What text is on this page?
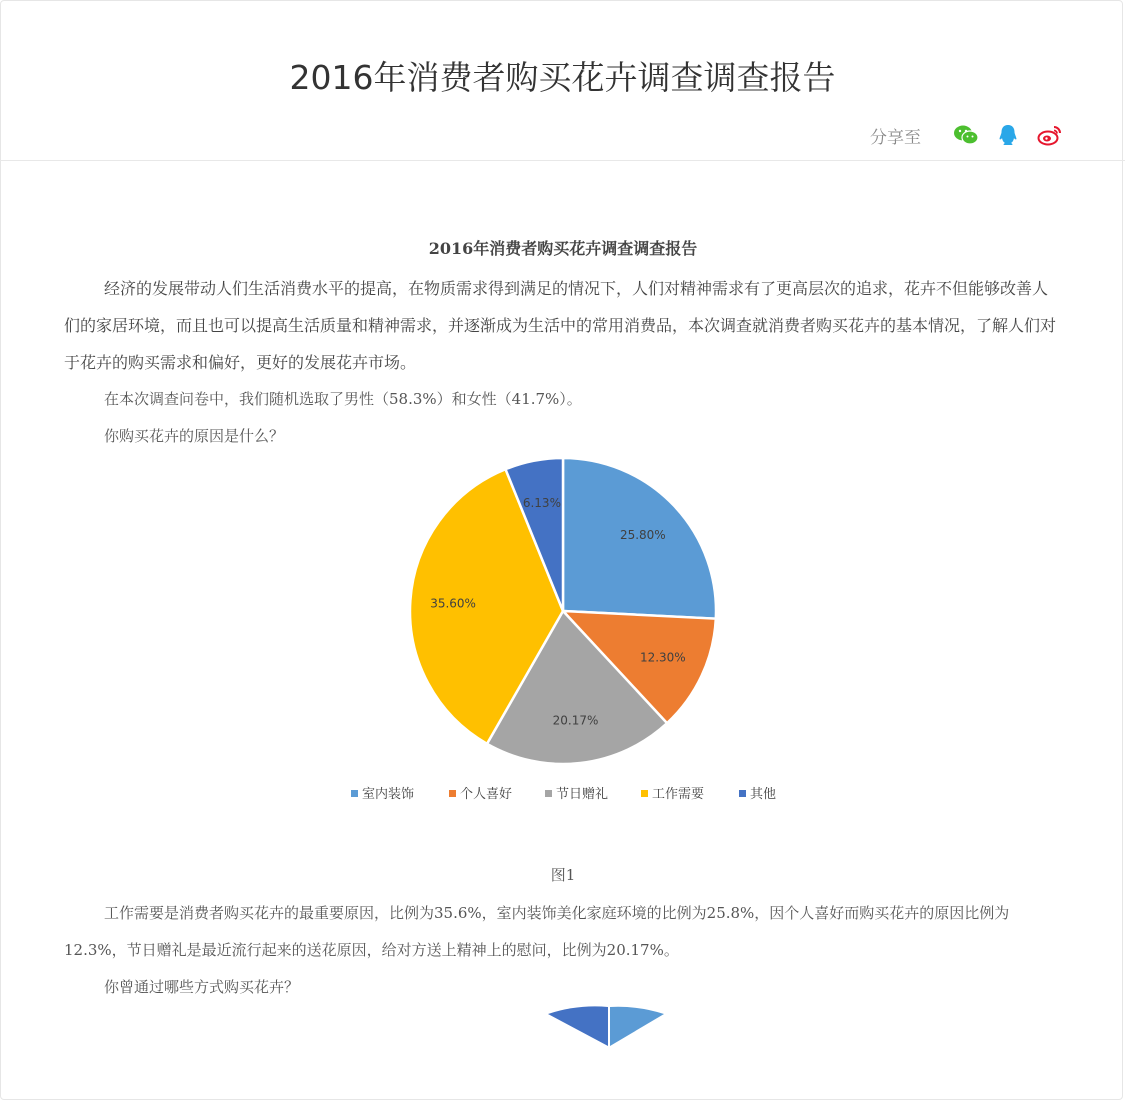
2016年消费者购买花卉调查调查报告
分享至
2016年消费者购买花卉调查调查报告

经济的发展带动人们生活消费水平的提高，在物质需求得到满足的情况下，人们对精神需求有了更高层次的追求，花卉不但能够改善人们的家居环境，而且也可以提高生活质量和精神需求，并逐渐成为生活中的常用消费品，本次调查就消费者购买花卉的基本情况，了解人们对于花卉的购买需求和偏好，更好的发展花卉市场。

在本次调查问卷中，我们随机选取了男性（58.3%）和女性（41.7%）。

你购买花卉的原因是什么？

25.80%
12.30%
20.17%
35.60%
6.13%
室内装饰	个人喜好	节日赠礼	工作需要	其他
图1

工作需要是消费者购买花卉的最重要原因，比例为35.6%，室内装饰美化家庭环境的比例为25.8%，因个人喜好而购买花卉的原因比例为12.3%，节日赠礼是最近流行起来的送花原因，给对方送上精神上的慰问，比例为20.17%。

你曾通过哪些方式购买花卉？
